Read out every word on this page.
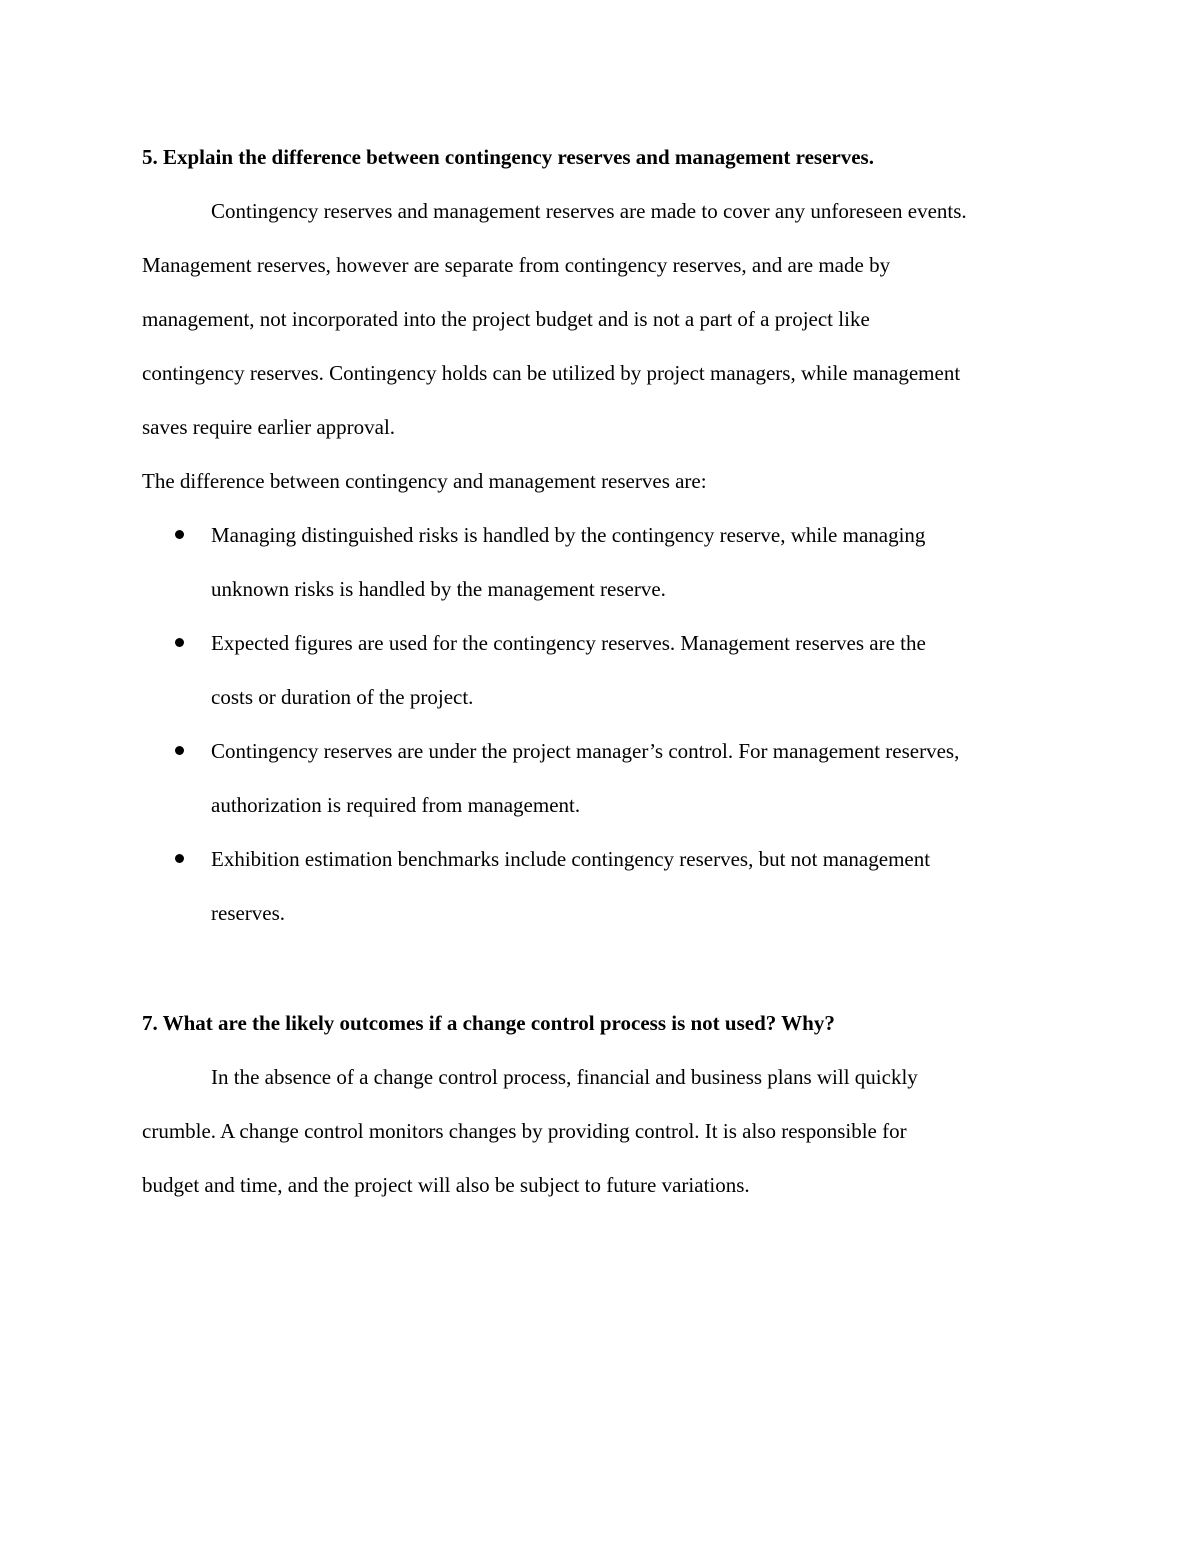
5. Explain the difference between contingency reserves and management reserves.
Contingency reserves and management reserves are made to cover any unforeseen events.
Management reserves, however are separate from contingency reserves, and are made by
management, not incorporated into the project budget and is not a part of a project like
contingency reserves. Contingency holds can be utilized by project managers, while management
saves require earlier approval.
The difference between contingency and management reserves are:
Managing distinguished risks is handled by the contingency reserve, while managing
unknown risks is handled by the management reserve.
Expected figures are used for the contingency reserves. Management reserves are the
costs or duration of the project.
Contingency reserves are under the project manager’s control. For management reserves,
authorization is required from management.
Exhibition estimation benchmarks include contingency reserves, but not management
reserves.
7. What are the likely outcomes if a change control process is not used? Why?
In the absence of a change control process, financial and business plans will quickly
crumble. A change control monitors changes by providing control. It is also responsible for
budget and time, and the project will also be subject to future variations.
